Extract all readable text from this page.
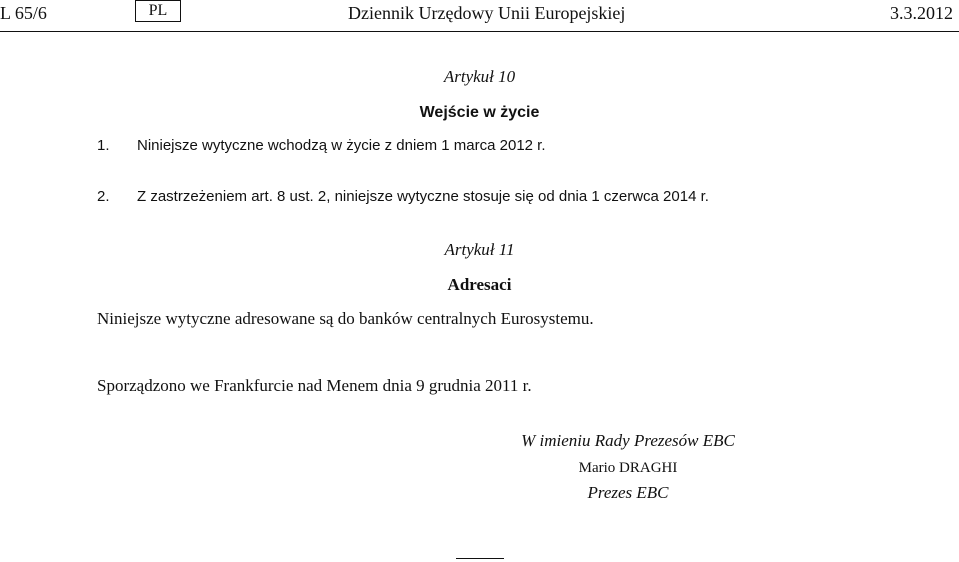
L 65/6	PL	Dziennik Urzędowy Unii Europejskiej	3.3.2012
Artykuł 10
Wejście w życie
1. Niniejsze wytyczne wchodzą w życie z dniem 1 marca 2012 r.
2. Z zastrzeżeniem art. 8 ust. 2, niniejsze wytyczne stosuje się od dnia 1 czerwca 2014 r.
Artykuł 11
Adresaci
Niniejsze wytyczne adresowane są do banków centralnych Eurosystemu.
Sporządzono we Frankfurcie nad Menem dnia 9 grudnia 2011 r.
W imieniu Rady Prezesów EBC
Mario DRAGHI
Prezes EBC
